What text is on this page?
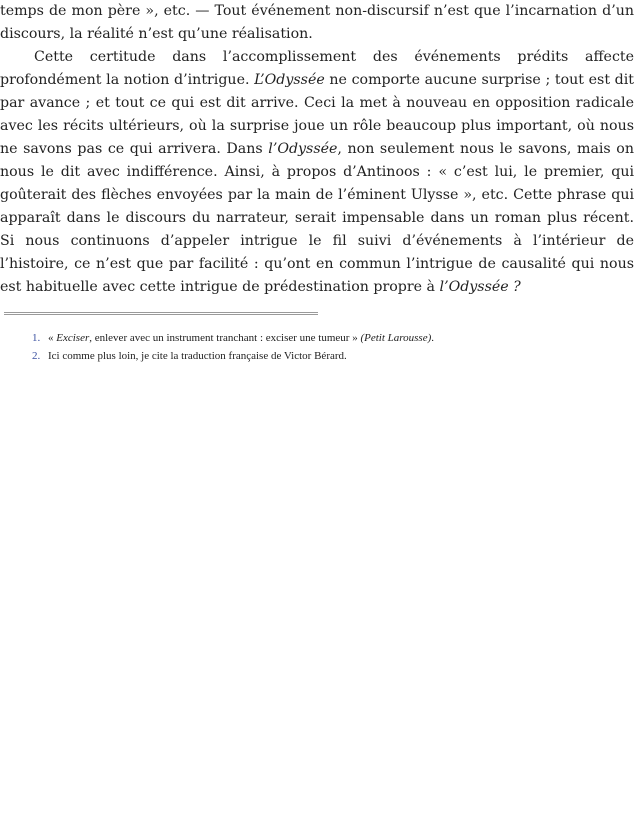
temps de mon père », etc. — Tout événement non-discursif n’est que l’incarnation d’un discours, la réalité n’est qu’une réalisation.

Cette certitude dans l’accomplissement des événements prédits affecte profondément la notion d’intrigue. L’Odyssée ne comporte aucune surprise ; tout est dit par avance ; et tout ce qui est dit arrive. Ceci la met à nouveau en opposition radicale avec les récits ultérieurs, où la surprise joue un rôle beaucoup plus important, où nous ne savons pas ce qui arrivera. Dans l’Odyssée, non seulement nous le savons, mais on nous le dit avec indifférence. Ainsi, à propos d’Antinoos : « c’est lui, le premier, qui goûterait des flèches envoyées par la main de l’éminent Ulysse », etc. Cette phrase qui apparaît dans le discours du narrateur, serait impensable dans un roman plus récent. Si nous continuons d’appeler intrigue le fil suivi d’événements à l’intérieur de l’histoire, ce n’est que par facilité : qu’ont en commun l’intrigue de causalité qui nous est habituelle avec cette intrigue de prédestination propre à l’Odyssée ?

1. « Exciser, enlever avec un instrument tranchant : exciser une tumeur » (Petit Larousse).
2. Ici comme plus loin, je cite la traduction française de Victor Bérard.
